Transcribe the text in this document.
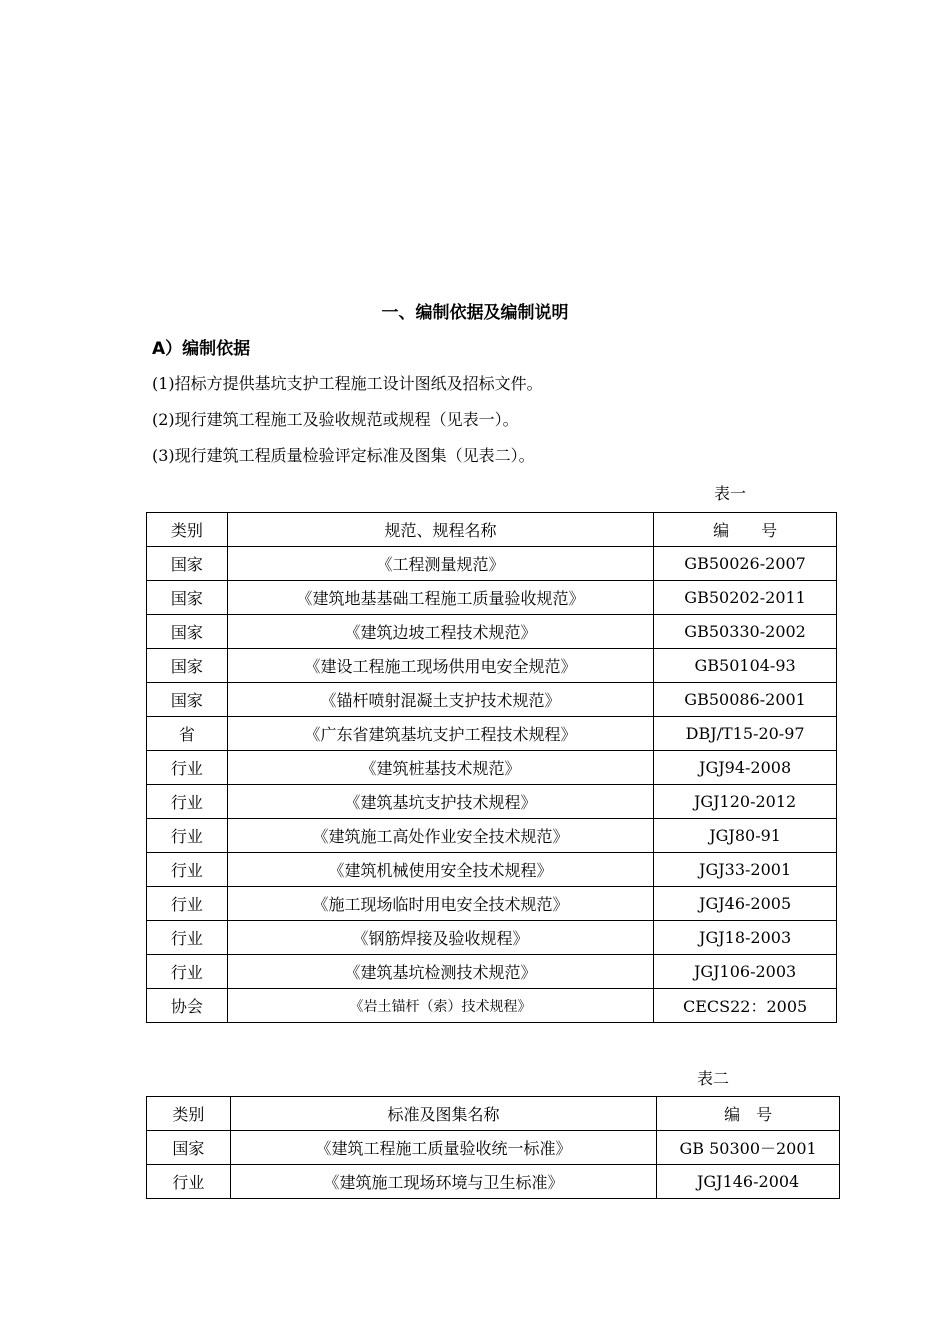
一、编制依据及编制说明
A）编制依据
(1)招标方提供基坑支护工程施工设计图纸及招标文件。
(2)现行建筑工程施工及验收规范或规程（见表一）。
(3)现行建筑工程质量检验评定标准及图集（见表二）。
表一
类别	规范、规程名称	编　　号
国家	《工程测量规范》	GB50026-2007
国家	《建筑地基基础工程施工质量验收规范》	GB50202-2011
国家	《建筑边坡工程技术规范》	GB50330-2002
国家	《建设工程施工现场供用电安全规范》	GB50104-93
国家	《锚杆喷射混凝土支护技术规范》	GB50086-2001
省	《广东省建筑基坑支护工程技术规程》	DBJ/T15-20-97
行业	《建筑桩基技术规范》	JGJ94-2008
行业	《建筑基坑支护技术规程》	JGJ120-2012
行业	《建筑施工高处作业安全技术规范》	JGJ80-91
行业	《建筑机械使用安全技术规程》	JGJ33-2001
行业	《施工现场临时用电安全技术规范》	JGJ46-2005
行业	《钢筋焊接及验收规程》	JGJ18-2003
行业	《建筑基坑检测技术规范》	JGJ106-2003
协会	《岩土锚杆（索）技术规程》	CECS22：2005
表二
类别	标准及图集名称	编　号
国家	《建筑工程施工质量验收统一标准》	GB 50300－2001
行业	《建筑施工现场环境与卫生标准》	JGJ146-2004
